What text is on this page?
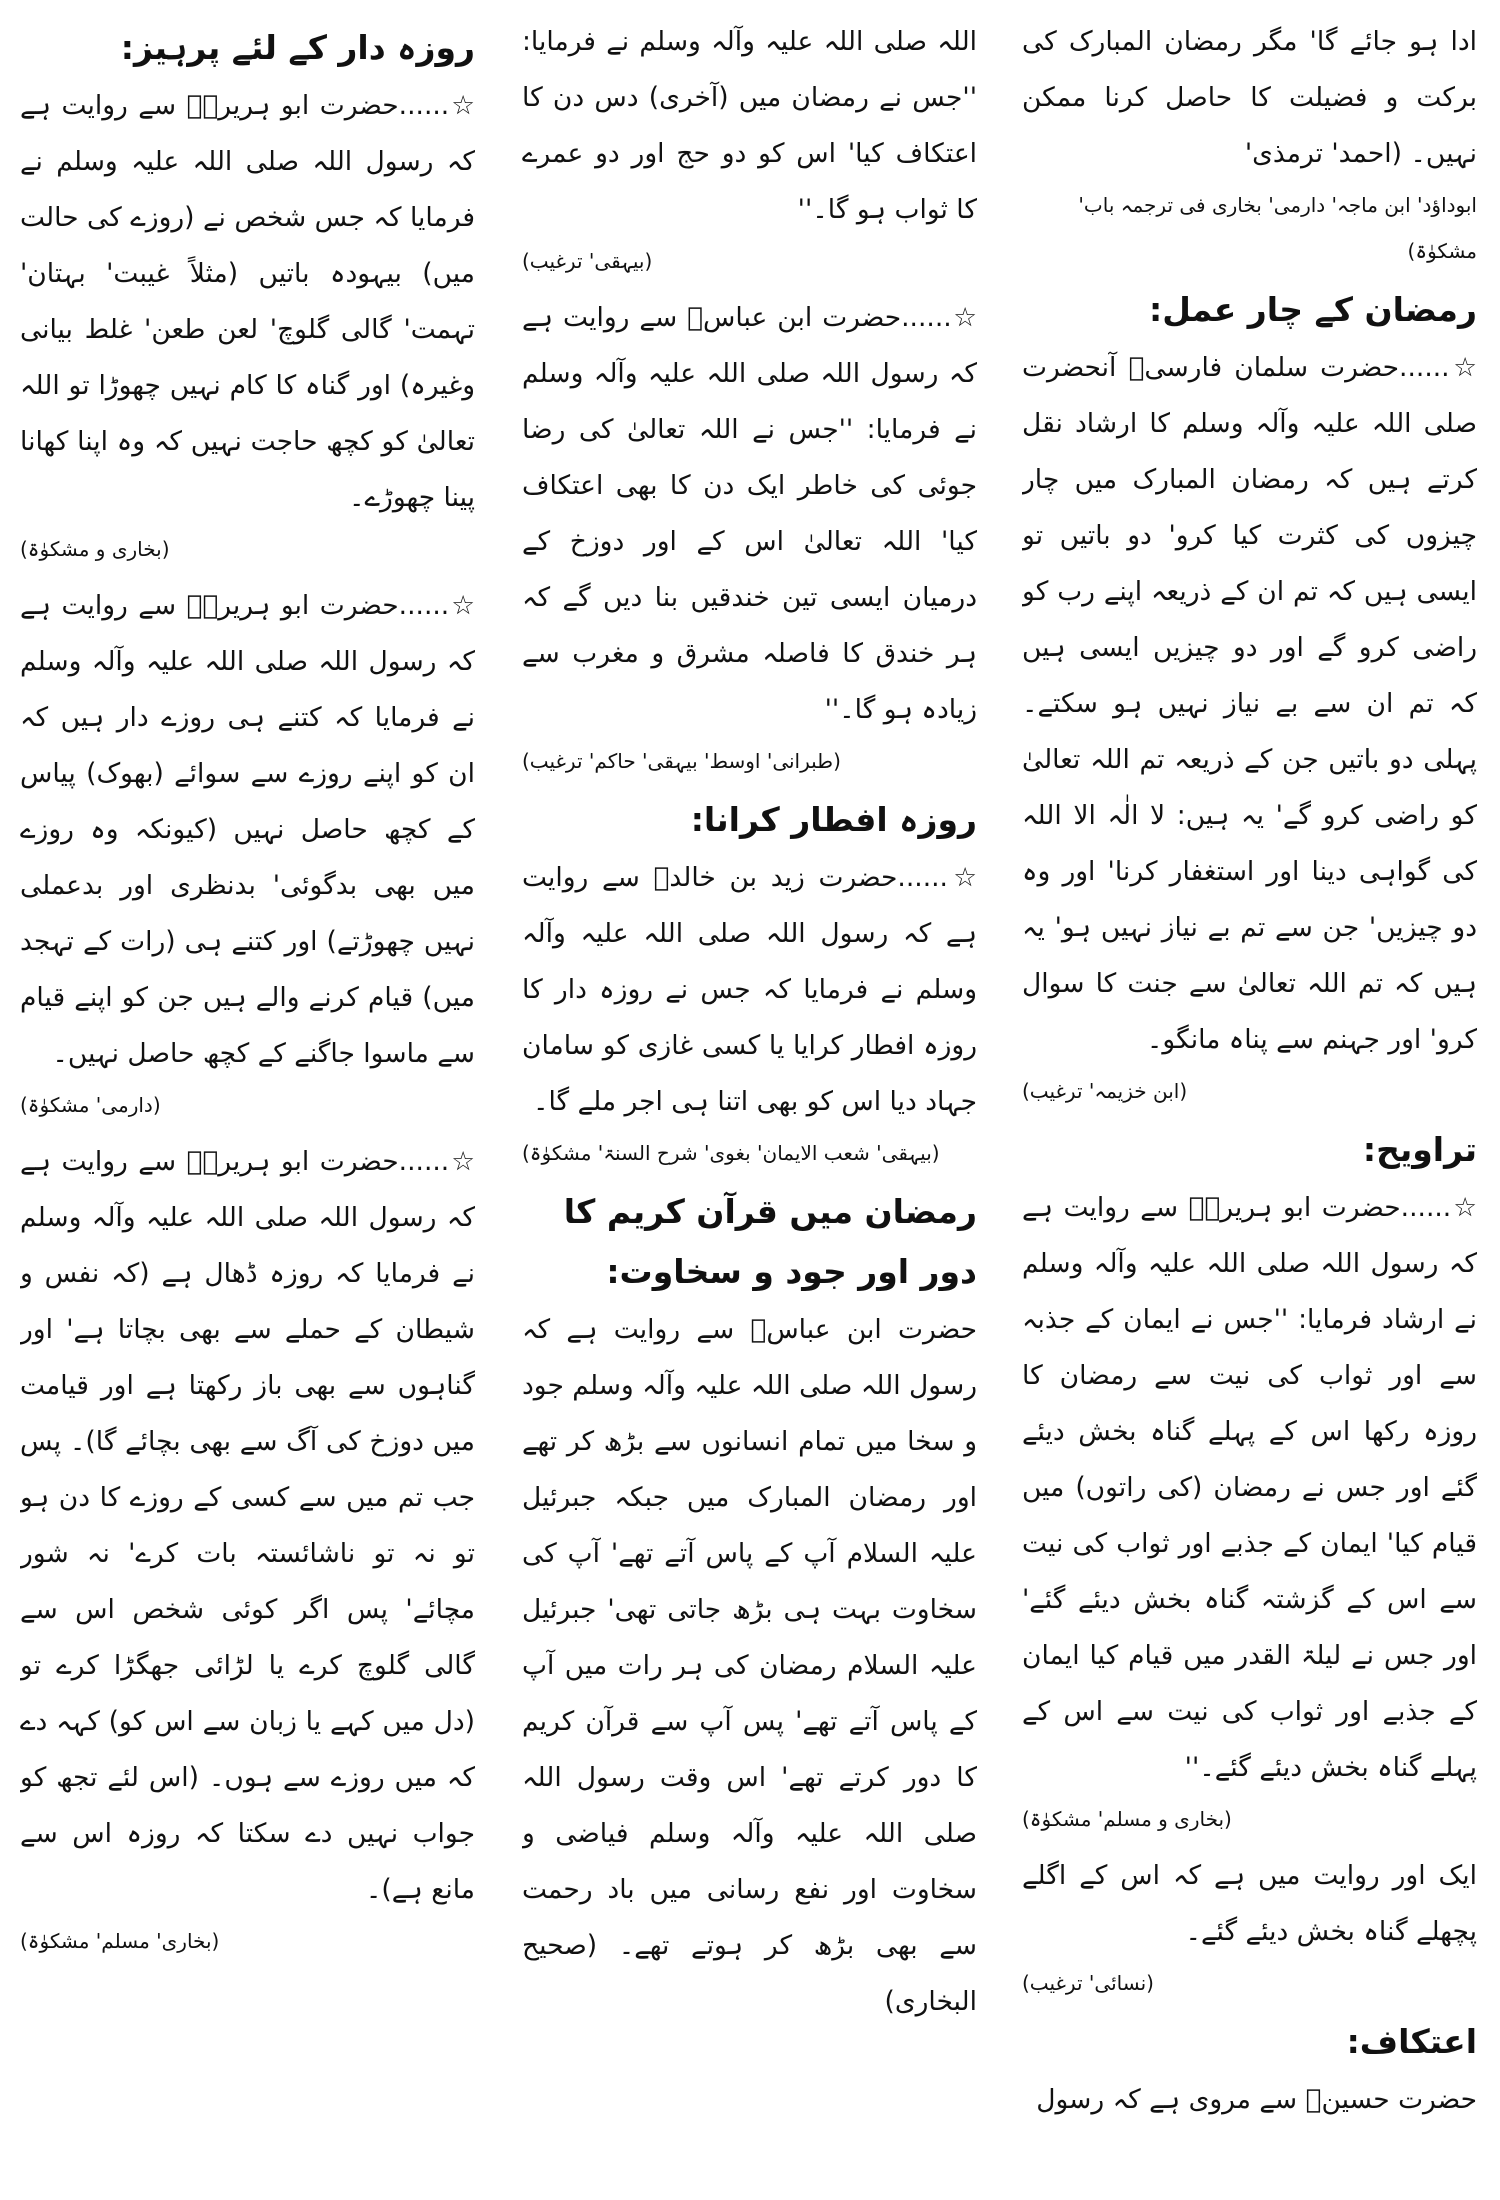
ادا ہو جائے گا' مگر رمضان المبارک کی برکت و فضیلت کا حاصل کرنا ممکن نہیں۔ (احمد' ترمذی'

ابوداؤد' ابن ماجہ' دارمی' بخاری فی ترجمہ باب' مشکوٰۃ)

رمضان کے چار عمل:

☆......حضرت سلمان فارسیؓ آنحضرت صلی اللہ علیہ وآلہ وسلم کا ارشاد نقل کرتے ہیں کہ رمضان المبارک میں چار چیزوں کی کثرت کیا کرو' دو باتیں تو ایسی ہیں کہ تم ان کے ذریعہ اپنے رب کو راضی کرو گے اور دو چیزیں ایسی ہیں کہ تم ان سے بے نیاز نہیں ہو سکتے۔ پہلی دو باتیں جن کے ذریعہ تم اللہ تعالیٰ کو راضی کرو گے' یہ ہیں: لا الٰہ الا اللہ کی گواہی دینا اور استغفار کرنا' اور وہ دو چیزیں' جن سے تم بے نیاز نہیں ہو' یہ ہیں کہ تم اللہ تعالیٰ سے جنت کا سوال کرو' اور جہنم سے پناہ مانگو۔

(ابن خزیمہ' ترغیب)

تراویح:

☆......حضرت ابو ہریرہؓ سے روایت ہے کہ رسول اللہ صلی اللہ علیہ وآلہ وسلم نے ارشاد فرمایا: ''جس نے ایمان کے جذبہ سے اور ثواب کی نیت سے رمضان کا روزہ رکھا اس کے پہلے گناہ بخش دیئے گئے اور جس نے رمضان (کی راتوں) میں قیام کیا' ایمان کے جذبے اور ثواب کی نیت سے اس کے گزشتہ گناہ بخش دیئے گئے' اور جس نے لیلۃ القدر میں قیام کیا ایمان کے جذبے اور ثواب کی نیت سے اس کے پہلے گناہ بخش دیئے گئے۔''

(بخاری و مسلم' مشکوٰۃ)

ایک اور روایت میں ہے کہ اس کے اگلے پچھلے گناہ بخش دیئے گئے۔

(نسائی' ترغیب)

اعتکاف:

حضرت حسینؓ سے مروی ہے کہ رسول

اللہ صلی اللہ علیہ وآلہ وسلم نے فرمایا: ''جس نے رمضان میں (آخری) دس دن کا اعتکاف کیا' اس کو دو حج اور دو عمرے کا ثواب ہو گا۔''

(بیہقی' ترغیب)

☆......حضرت ابن عباسؓ سے روایت ہے کہ رسول اللہ صلی اللہ علیہ وآلہ وسلم نے فرمایا: ''جس نے اللہ تعالیٰ کی رضا جوئی کی خاطر ایک دن کا بھی اعتکاف کیا' اللہ تعالیٰ اس کے اور دوزخ کے درمیان ایسی تین خندقیں بنا دیں گے کہ ہر خندق کا فاصلہ مشرق و مغرب سے زیادہ ہو گا۔''

(طبرانی' اوسط' بیہقی' حاکم' ترغیب)

روزہ افطار کرانا:

☆......حضرت زید بن خالدؓ سے روایت ہے کہ رسول اللہ صلی اللہ علیہ وآلہ وسلم نے فرمایا کہ جس نے روزہ دار کا روزہ افطار کرایا یا کسی غازی کو سامان جہاد دیا اس کو بھی اتنا ہی اجر ملے گا۔

(بیہقی' شعب الایمان' بغوی' شرح السنۃ' مشکوٰۃ)

رمضان میں قرآن کریم کا دور اور جود و سخاوت:

حضرت ابن عباسؓ سے روایت ہے کہ رسول اللہ صلی اللہ علیہ وآلہ وسلم جود و سخا میں تمام انسانوں سے بڑھ کر تھے اور رمضان المبارک میں جبکہ جبرئیل علیہ السلام آپ کے پاس آتے تھے' آپ کی سخاوت بہت ہی بڑھ جاتی تھی' جبرئیل علیہ السلام رمضان کی ہر رات میں آپ کے پاس آتے تھے' پس آپ سے قرآن کریم کا دور کرتے تھے' اس وقت رسول اللہ صلی اللہ علیہ وآلہ وسلم فیاضی و سخاوت اور نفع رسانی میں باد رحمت سے بھی بڑھ کر ہوتے تھے۔ (صحیح البخاری)

روزہ دار کے لئے پرہیز:

☆......حضرت ابو ہریرہؓ سے روایت ہے کہ رسول اللہ صلی اللہ علیہ وسلم نے فرمایا کہ جس شخص نے (روزے کی حالت میں) بیہودہ باتیں (مثلاً غیبت' بہتان' تہمت' گالی گلوچ' لعن طعن' غلط بیانی وغیرہ) اور گناہ کا کام نہیں چھوڑا تو اللہ تعالیٰ کو کچھ حاجت نہیں کہ وہ اپنا کھانا پینا چھوڑے۔

(بخاری و مشکوٰۃ)

☆......حضرت ابو ہریرہؓ سے روایت ہے کہ رسول اللہ صلی اللہ علیہ وآلہ وسلم نے فرمایا کہ کتنے ہی روزے دار ہیں کہ ان کو اپنے روزے سے سوائے (بھوک) پیاس کے کچھ حاصل نہیں (کیونکہ وہ روزے میں بھی بدگوئی' بدنظری اور بدعملی نہیں چھوڑتے) اور کتنے ہی (رات کے تہجد میں) قیام کرنے والے ہیں جن کو اپنے قیام سے ماسوا جاگنے کے کچھ حاصل نہیں۔

(دارمی' مشکوٰۃ)

☆......حضرت ابو ہریرہؓ سے روایت ہے کہ رسول اللہ صلی اللہ علیہ وآلہ وسلم نے فرمایا کہ روزہ ڈھال ہے (کہ نفس و شیطان کے حملے سے بھی بچاتا ہے' اور گناہوں سے بھی باز رکھتا ہے اور قیامت میں دوزخ کی آگ سے بھی بچائے گا)۔ پس جب تم میں سے کسی کے روزے کا دن ہو تو نہ تو ناشائستہ بات کرے' نہ شور مچائے' پس اگر کوئی شخص اس سے گالی گلوچ کرے یا لڑائی جھگڑا کرے تو (دل میں کہے یا زبان سے اس کو) کہہ دے کہ میں روزے سے ہوں۔ (اس لئے تجھ کو جواب نہیں دے سکتا کہ روزہ اس سے مانع ہے)۔

(بخاری' مسلم' مشکوٰۃ)
